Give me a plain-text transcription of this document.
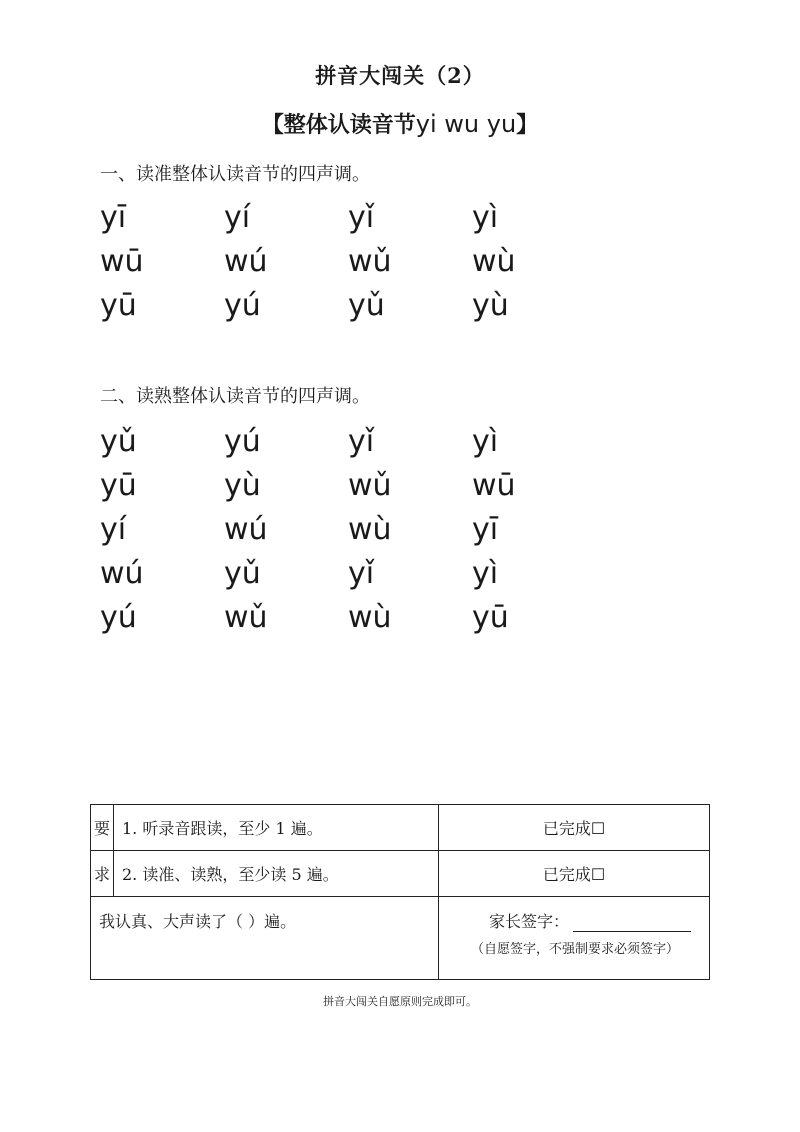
拼音大闯关（2）
【整体认读音节yi wu yu】
一、读准整体认读音节的四声调。
yī	yí	yǐ	yì
wū	wú	wǔ	wù
yū	yú	yǔ	yù
二、读熟整体认读音节的四声调。
yǔ	yú	yǐ	yì
yū	yù	wǔ	wū
yí	wú	wù	yī
wú	yǔ	yǐ	yì
yú	wǔ	wù	yū
要	1. 听录音跟读，至少 1 遍。	已完成☐
求	2. 读准、读熟，至少读 5 遍。	已完成☐
我认真、大声读了（ ）遍。		家长签字：
（自愿签字，不强制要求必须签字）
拼音大闯关自愿原则完成即可。
